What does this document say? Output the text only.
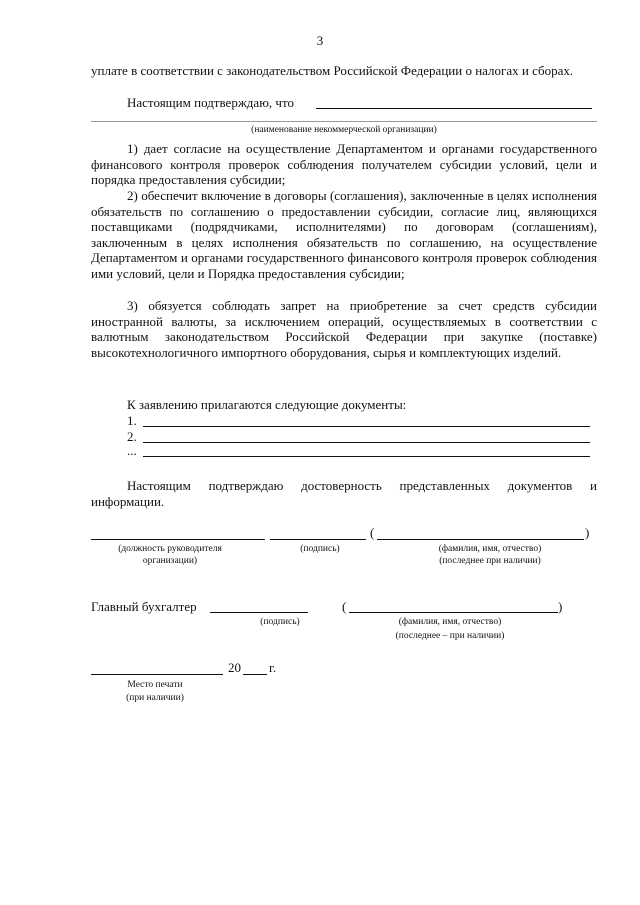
3
уплате в соответствии с законодательством Российской Федерации о налогах и сборах.
Настоящим подтверждаю, что
(наименование некоммерческой организации)
1) дает согласие на осуществление Департаментом и органами государственного финансового контроля проверок соблюдения получателем субсидии условий, цели и порядка предоставления субсидии;
2) обеспечит включение в договоры (соглашения), заключенные в целях исполнения обязательств по соглашению о предоставлении субсидии, согласие лиц, являющихся поставщиками (подрядчиками, исполнителями) по договорам (соглашениям), заключенным в целях исполнения обязательств по соглашению, на осуществление Департаментом и органами государственного финансового контроля проверок соблюдения ими условий, цели и Порядка предоставления субсидии;
3) обязуется соблюдать запрет на приобретение за счет средств субсидии иностранной валюты, за исключением операций, осуществляемых в соответствии с валютным законодательством Российской Федерации при закупке (поставке) высокотехнологичного импортного оборудования, сырья и комплектующих изделий.
К заявлению прилагаются следующие документы:
1.
2.
...
Настоящим подтверждаю достоверность представленных документов и информации.
(	)
(должность руководителя организации)
(подпись)	(фамилия, имя, отчество)
(последнее при наличии)
Главный бухгалтер	(	)
(подпись)	(фамилия, имя, отчество)
(последнее – при наличии)
20 г.
Место печати
(при наличии)
